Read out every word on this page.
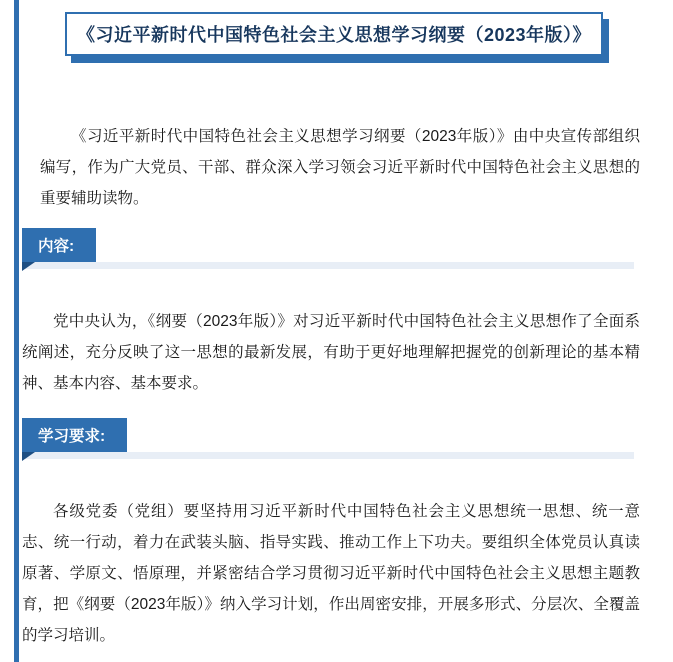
《习近平新时代中国特色社会主义思想学习纲要（2023年版）》

《习近平新时代中国特色社会主义思想学习纲要（2023年版）》由中央宣传部组织编写，作为广大党员、干部、群众深入学习领会习近平新时代中国特色社会主义思想的重要辅助读物。

内容:

党中央认为，《纲要（2023年版）》对习近平新时代中国特色社会主义思想作了全面系统阐述，充分反映了这一思想的最新发展，有助于更好地理解把握党的创新理论的基本精神、基本内容、基本要求。

学习要求:

各级党委（党组）要坚持用习近平新时代中国特色社会主义思想统一思想、统一意志、统一行动，着力在武装头脑、指导实践、推动工作上下功夫。要组织全体党员认真读原著、学原文、悟原理，并紧密结合学习贯彻习近平新时代中国特色社会主义思想主题教育，把《纲要（2023年版）》纳入学习计划，作出周密安排，开展多形式、分层次、全覆盖的学习培训。
